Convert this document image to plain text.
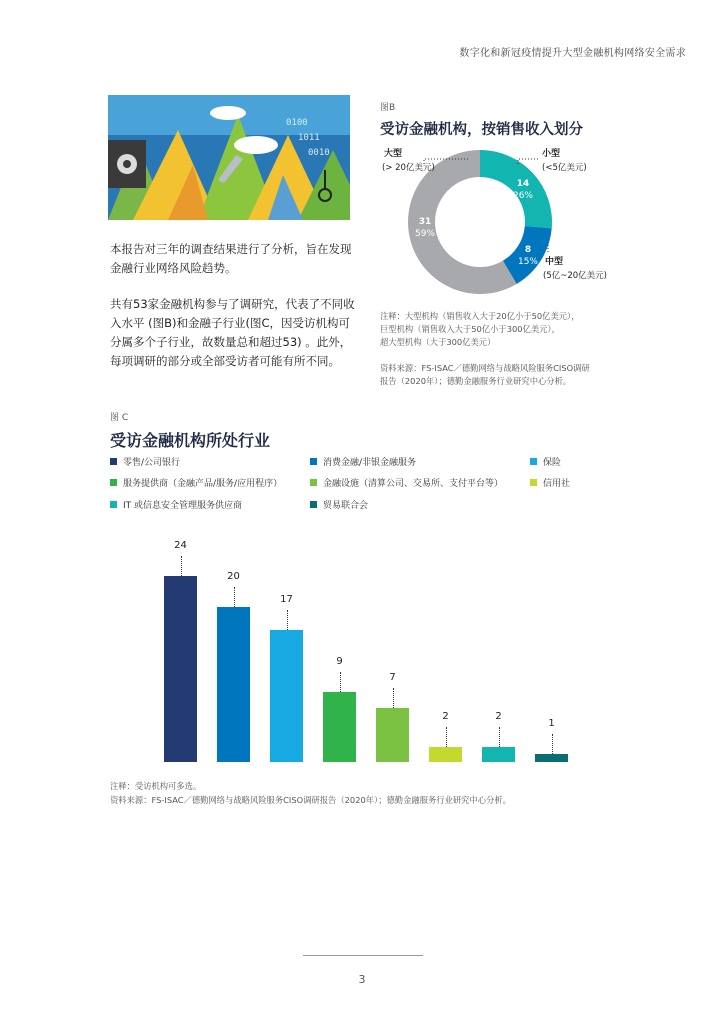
数字化和新冠疫情提升大型金融机构网络安全需求
0100
1011
0010

本报告对三年的调查结果进行了分析，旨在发现金融行业网络风险趋势。

共有53家金融机构参与了调研究，代表了不同收入水平 (图B)和金融子行业(图C，因受访机构可分属多个子行业，故数量总和超过53) 。此外，每项调研的部分或全部受访者可能有所不同。

图B
受访金融机构，按销售收入划分
大型
(> 20亿美元)
小型
(<5亿美元)
中型
(5亿~20亿美元)
14
26%
8
15%
31
59%
注释：大型机构（销售收入大于20亿小于50亿美元），
巨型机构（销售收入大于50亿小于300亿美元），
超大型机构（大于300亿美元）
资料来源：FS-ISAC／德勤网络与战略风险服务CISO调研
报告（2020年）；德勤金融服务行业研究中心分析。
图 C
受访金融机构所处行业
零售/公司银行	消费金融/非银金融服务	保险
服务提供商（金融产品/服务/应用程序）	金融设施（清算公司、交易所、支付平台等）	信用社
IT 或信息安全管理服务供应商	贸易联合会
24
20
17
9
7
2	2
1
注释：受访机构可多选。
资料来源：FS-ISAC／德勤网络与战略风险服务CISO调研报告（2020年）；德勤金融服务行业研究中心分析。
3
